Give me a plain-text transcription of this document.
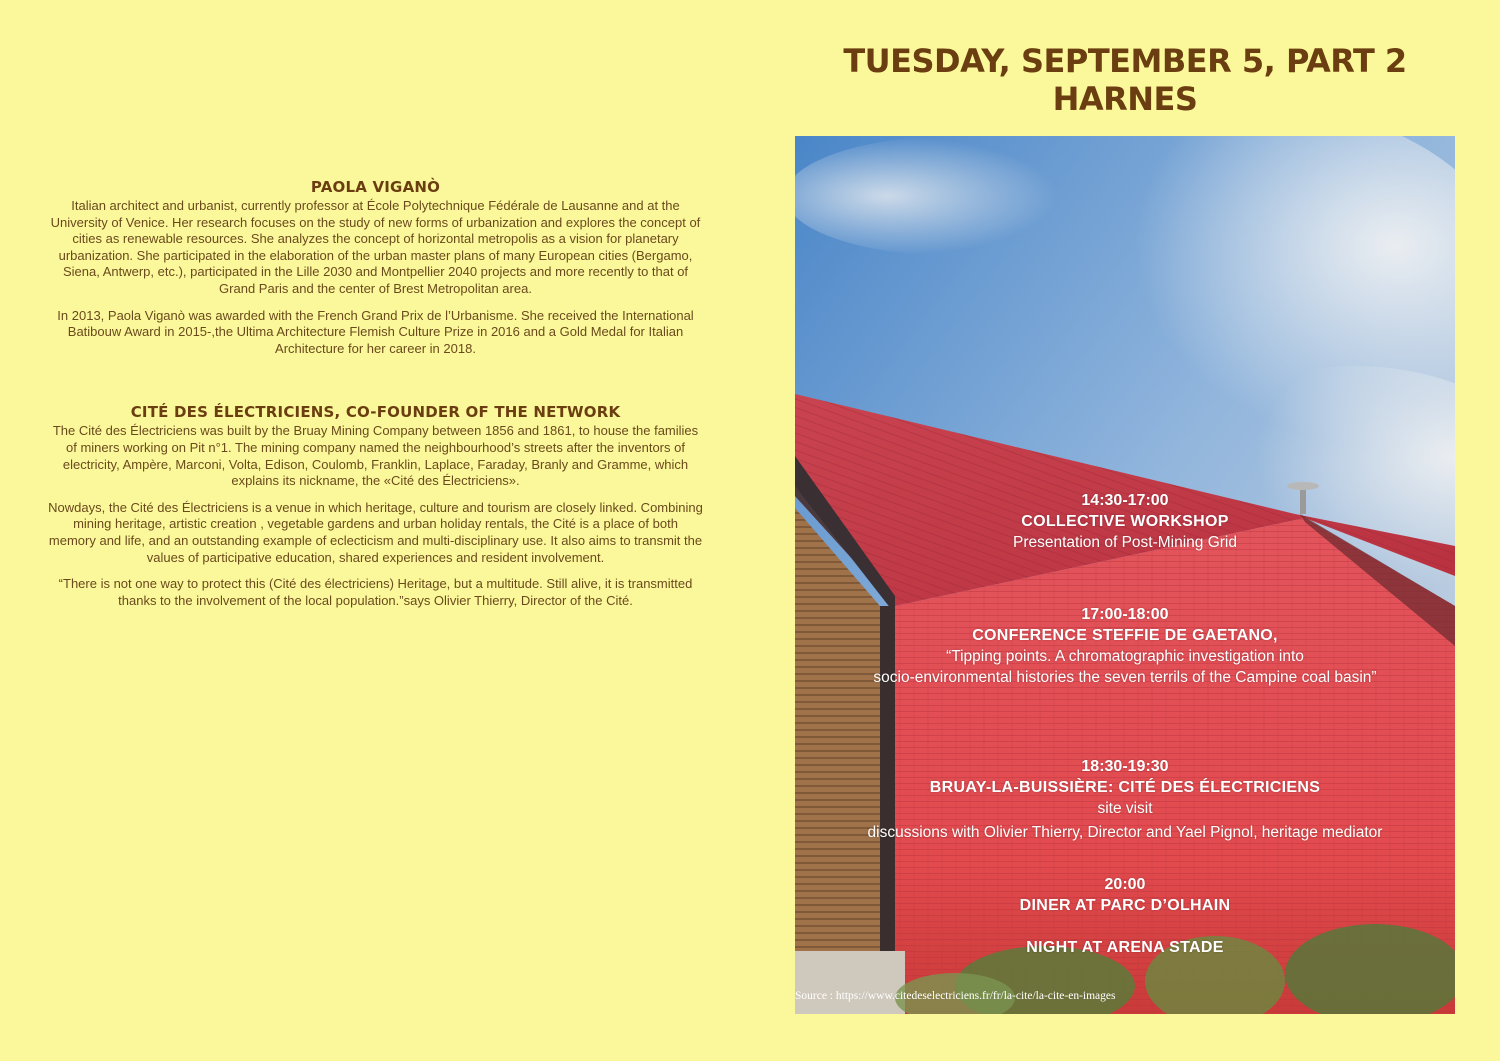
TUESDAY, SEPTEMBER 5, PART 2
HARNES
PAOLA VIGANÒ

Italian architect and urbanist, currently professor at École Polytechnique Fédérale de Lausanne and at the University of Venice. Her research focuses on the study of new forms of urbanization and explores the concept of cities as renewable resources. She analyzes the concept of horizontal metropolis as a vision for planetary urbanization. She participated in the elaboration of the urban master plans of many European cities (Bergamo, Siena, Antwerp, etc.), participated in the Lille 2030 and Montpellier 2040 projects and more recently to that of Grand Paris and the center of Brest Metropolitan area.

In 2013, Paola Viganò was awarded with the French Grand Prix de l’Urbanisme. She received the International Batibouw Award in 2015-,the Ultima Architecture Flemish Culture Prize in 2016 and a Gold Medal for Italian Architecture for her career in 2018.

CITÉ DES ÉLECTRICIENS, CO-FOUNDER OF THE NETWORK

The Cité des Électriciens was built by the Bruay Mining Company between 1856 and 1861, to house the families of miners working on Pit n°1. The mining company named the neighbourhood’s streets after the inventors of electricity, Ampère, Marconi, Volta, Edison, Coulomb, Franklin, Laplace, Faraday, Branly and Gramme, which explains its nickname, the «Cité des Électriciens».

Nowdays, the Cité des Électriciens is a venue in which heritage, culture and tourism are closely linked. Combining mining heritage, artistic creation , vegetable gardens and urban holiday rentals, the Cité is a place of both memory and life, and an outstanding example of eclecticism and multi-disciplinary use. It also aims to transmit the values of participative education, shared experiences and resident involvement.

“There is not one way to protect this (Cité des électriciens) Heritage, but a multitude. Still alive, it is transmitted thanks to the involvement of the local population.”says Olivier Thierry, Director of the Cité.

14:30-17:00
COLLECTIVE WORKSHOP
Presentation of Post-Mining Grid
17:00-18:00
CONFERENCE STEFFIE DE GAETANO,
“Tipping points. A chromatographic investigation into
socio-environmental histories the seven terrils of the Campine coal basin”
18:30-19:30
BRUAY-LA-BUISSIÈRE: CITÉ DES ÉLECTRICIENS
site visit
discussions with Olivier Thierry, Director and Yael Pignol, heritage mediator
20:00
DINER AT PARC D’OLHAIN
NIGHT AT ARENA STADE
Source : https://www.citedeselectriciens.fr/fr/la-cite/la-cite-en-images
